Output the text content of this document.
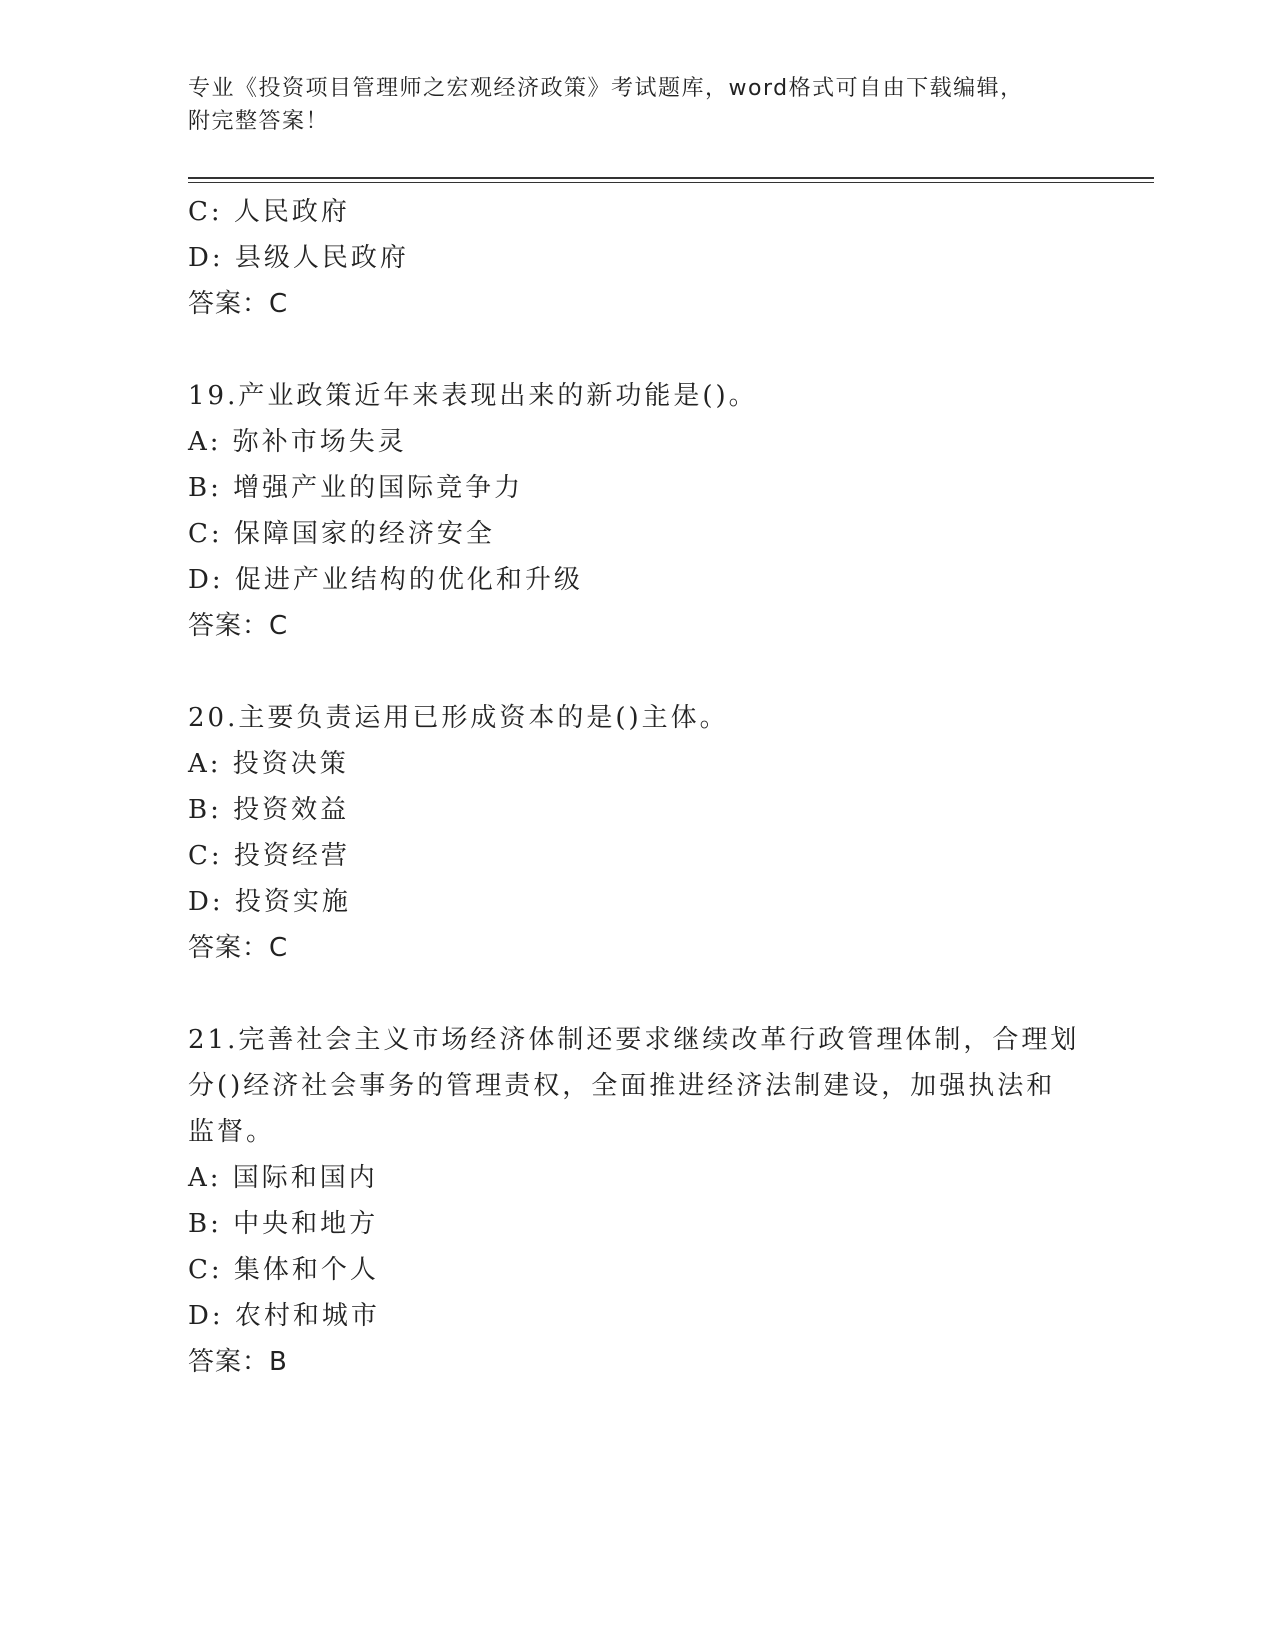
专业《投资项目管理师之宏观经济政策》考试题库，word格式可自由下载编辑，
附完整答案！
C: 人民政府
D: 县级人民政府
答案：C
19.产业政策近年来表现出来的新功能是()。
A: 弥补市场失灵
B: 增强产业的国际竞争力
C: 保障国家的经济安全
D: 促进产业结构的优化和升级
答案：C
20.主要负责运用已形成资本的是()主体。
A: 投资决策
B: 投资效益
C: 投资经营
D: 投资实施
答案：C
21.完善社会主义市场经济体制还要求继续改革行政管理体制，合理划
分()经济社会事务的管理责权，全面推进经济法制建设，加强执法和
监督。
A: 国际和国内
B: 中央和地方
C: 集体和个人
D: 农村和城市
答案：B
